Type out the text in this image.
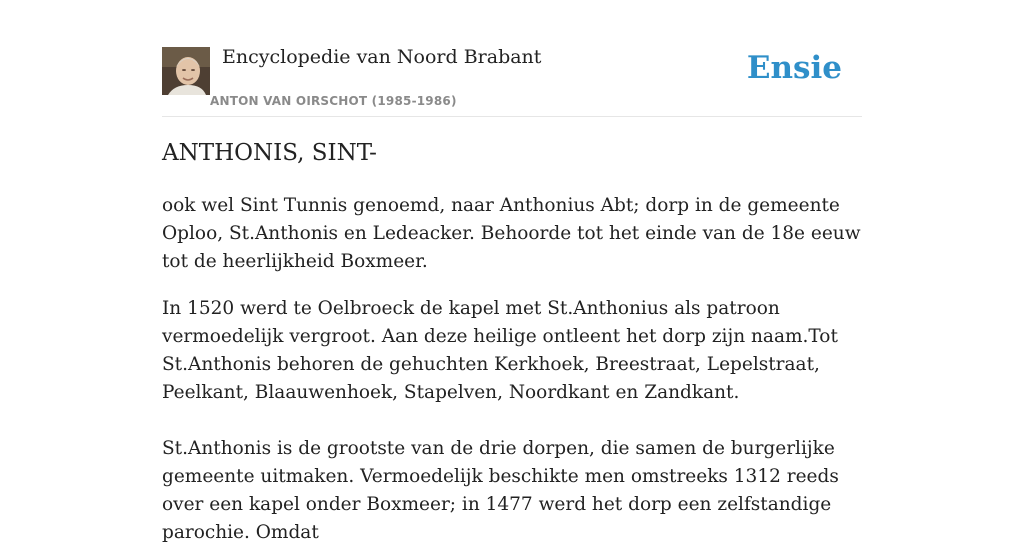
Encyclopedie van Noord Brabant
ANTON VAN OIRSCHOT (1985-1986)
Ensie
ANTHONIS, SINT-

ook wel Sint Tunnis genoemd, naar Anthonius Abt; dorp in de gemeente Oploo, St.Anthonis en Ledeacker. Behoorde tot het einde van de 18e eeuw tot de heerlijkheid Boxmeer.

In 1520 werd te Oelbroeck de kapel met St.Anthonius als patroon vermoedelijk vergroot. Aan deze heilige ontleent het dorp zijn naam.Tot St.Anthonis behoren de gehuchten Kerkhoek, Breestraat, Lepelstraat, Peelkant, Blaauwenhoek, Stapelven, Noordkant en Zandkant.

St.Anthonis is de grootste van de drie dorpen, die samen de burgerlijke gemeente uitmaken. Vermoedelijk beschikte men omstreeks 1312 reeds over een kapel onder Boxmeer; in 1477 werd het dorp een zelfstandige parochie. Omdat
